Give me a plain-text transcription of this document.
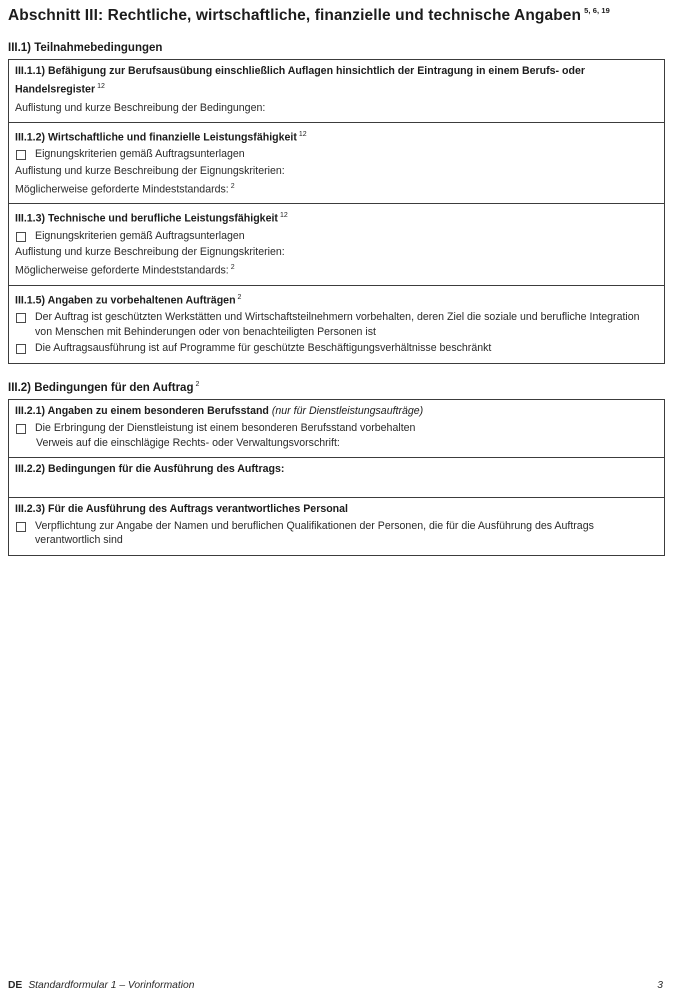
Abschnitt III: Rechtliche, wirtschaftliche, finanzielle und technische Angaben $^{5, 6, 19}$
III.1) Teilnahmebedingungen
III.1.1) Befähigung zur Berufsausübung einschließlich Auflagen hinsichtlich der Eintragung in einem Berufs- oder Handelsregister $^{12}$
Auflistung und kurze Beschreibung der Bedingungen:
III.1.2) Wirtschaftliche und finanzielle Leistungsfähigkeit $^{12}$
Eignungskriterien gemäß Auftragsunterlagen
Auflistung und kurze Beschreibung der Eignungskriterien:
Möglicherweise geforderte Mindeststandards: $^2$
III.1.3) Technische und berufliche Leistungsfähigkeit $^{12}$
Eignungskriterien gemäß Auftragsunterlagen
Auflistung und kurze Beschreibung der Eignungskriterien:
Möglicherweise geforderte Mindeststandards: $^2$
III.1.5) Angaben zu vorbehaltenen Aufträgen $^2$
Der Auftrag ist geschützten Werkstätten und Wirtschaftsteilnehmern vorbehalten, deren Ziel die soziale und berufliche Integration von Menschen mit Behinderungen oder von benachteiligten Personen ist
Die Auftragsausführung ist auf Programme für geschützte Beschäftigungsverhältnisse beschränkt
III.2) Bedingungen für den Auftrag $^2$
III.2.1) Angaben zu einem besonderen Berufsstand (nur für Dienstleistungsaufträge)
Die Erbringung der Dienstleistung ist einem besonderen Berufsstand vorbehalten
Verweis auf die einschlägige Rechts- oder Verwaltungsvorschrift:
III.2.2) Bedingungen für die Ausführung des Auftrags:
III.2.3) Für die Ausführung des Auftrags verantwortliches Personal
Verpflichtung zur Angabe der Namen und beruflichen Qualifikationen der Personen, die für die Ausführung des Auftrags verantwortlich sind
DE Standardformular 1 – Vorinformation	3
